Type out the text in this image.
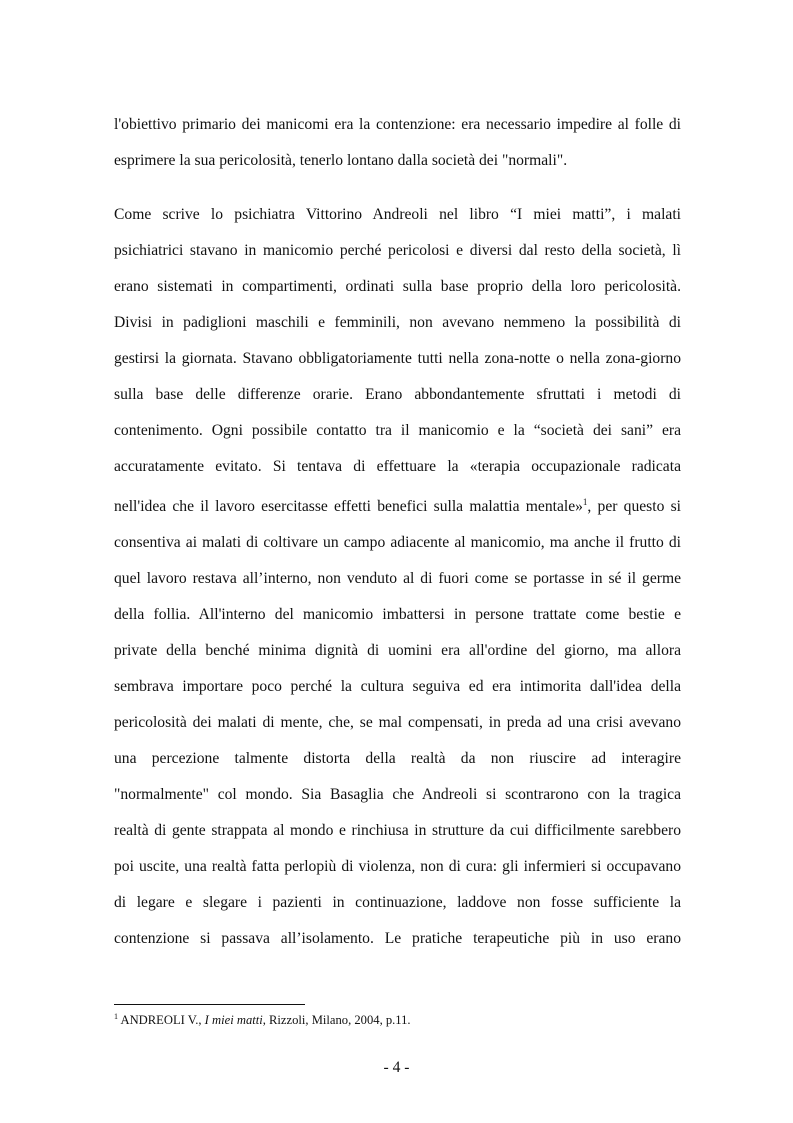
l'obiettivo primario dei manicomi era la contenzione: era necessario impedire al folle di
esprimere la sua pericolosità, tenerlo lontano dalla società dei "normali".
Come scrive lo psichiatra Vittorino Andreoli nel libro “I miei matti”, i malati
psichiatrici stavano in manicomio perché pericolosi e diversi dal resto della società, lì
erano sistemati in compartimenti, ordinati sulla base proprio della loro pericolosità.
Divisi in padiglioni maschili e femminili, non avevano nemmeno la possibilità di
gestirsi la giornata. Stavano obbligatoriamente tutti nella zona-notte o nella zona-giorno
sulla base delle differenze orarie. Erano abbondantemente sfruttati i metodi di
contenimento. Ogni possibile contatto tra il manicomio e la “società dei sani” era
accuratamente evitato. Si tentava di effettuare la «terapia occupazionale radicata
nell'idea che il lavoro esercitasse effetti benefici sulla malattia mentale»$^1$, per questo si
consentiva ai malati di coltivare un campo adiacente al manicomio, ma anche il frutto di
quel lavoro restava all’interno, non venduto al di fuori come se portasse in sé il germe
della follia. All'interno del manicomio imbattersi in persone trattate come bestie e
private della benché minima dignità di uomini era all'ordine del giorno, ma allora
sembrava importare poco perché la cultura seguiva ed era intimorita dall'idea della
pericolosità dei malati di mente, che, se mal compensati, in preda ad una crisi avevano
una percezione talmente distorta della realtà da non riuscire ad interagire
"normalmente" col mondo. Sia Basaglia che Andreoli si scontrarono con la tragica
realtà di gente strappata al mondo e rinchiusa in strutture da cui difficilmente sarebbero
poi uscite, una realtà fatta perlopiù di violenza, non di cura: gli infermieri si occupavano
di legare e slegare i pazienti in continuazione, laddove non fosse sufficiente la
contenzione si passava all’isolamento. Le pratiche terapeutiche più in uso erano
$^1$ ANDREOLI V., I miei matti, Rizzoli, Milano, 2004, p.11.
- 4 -
